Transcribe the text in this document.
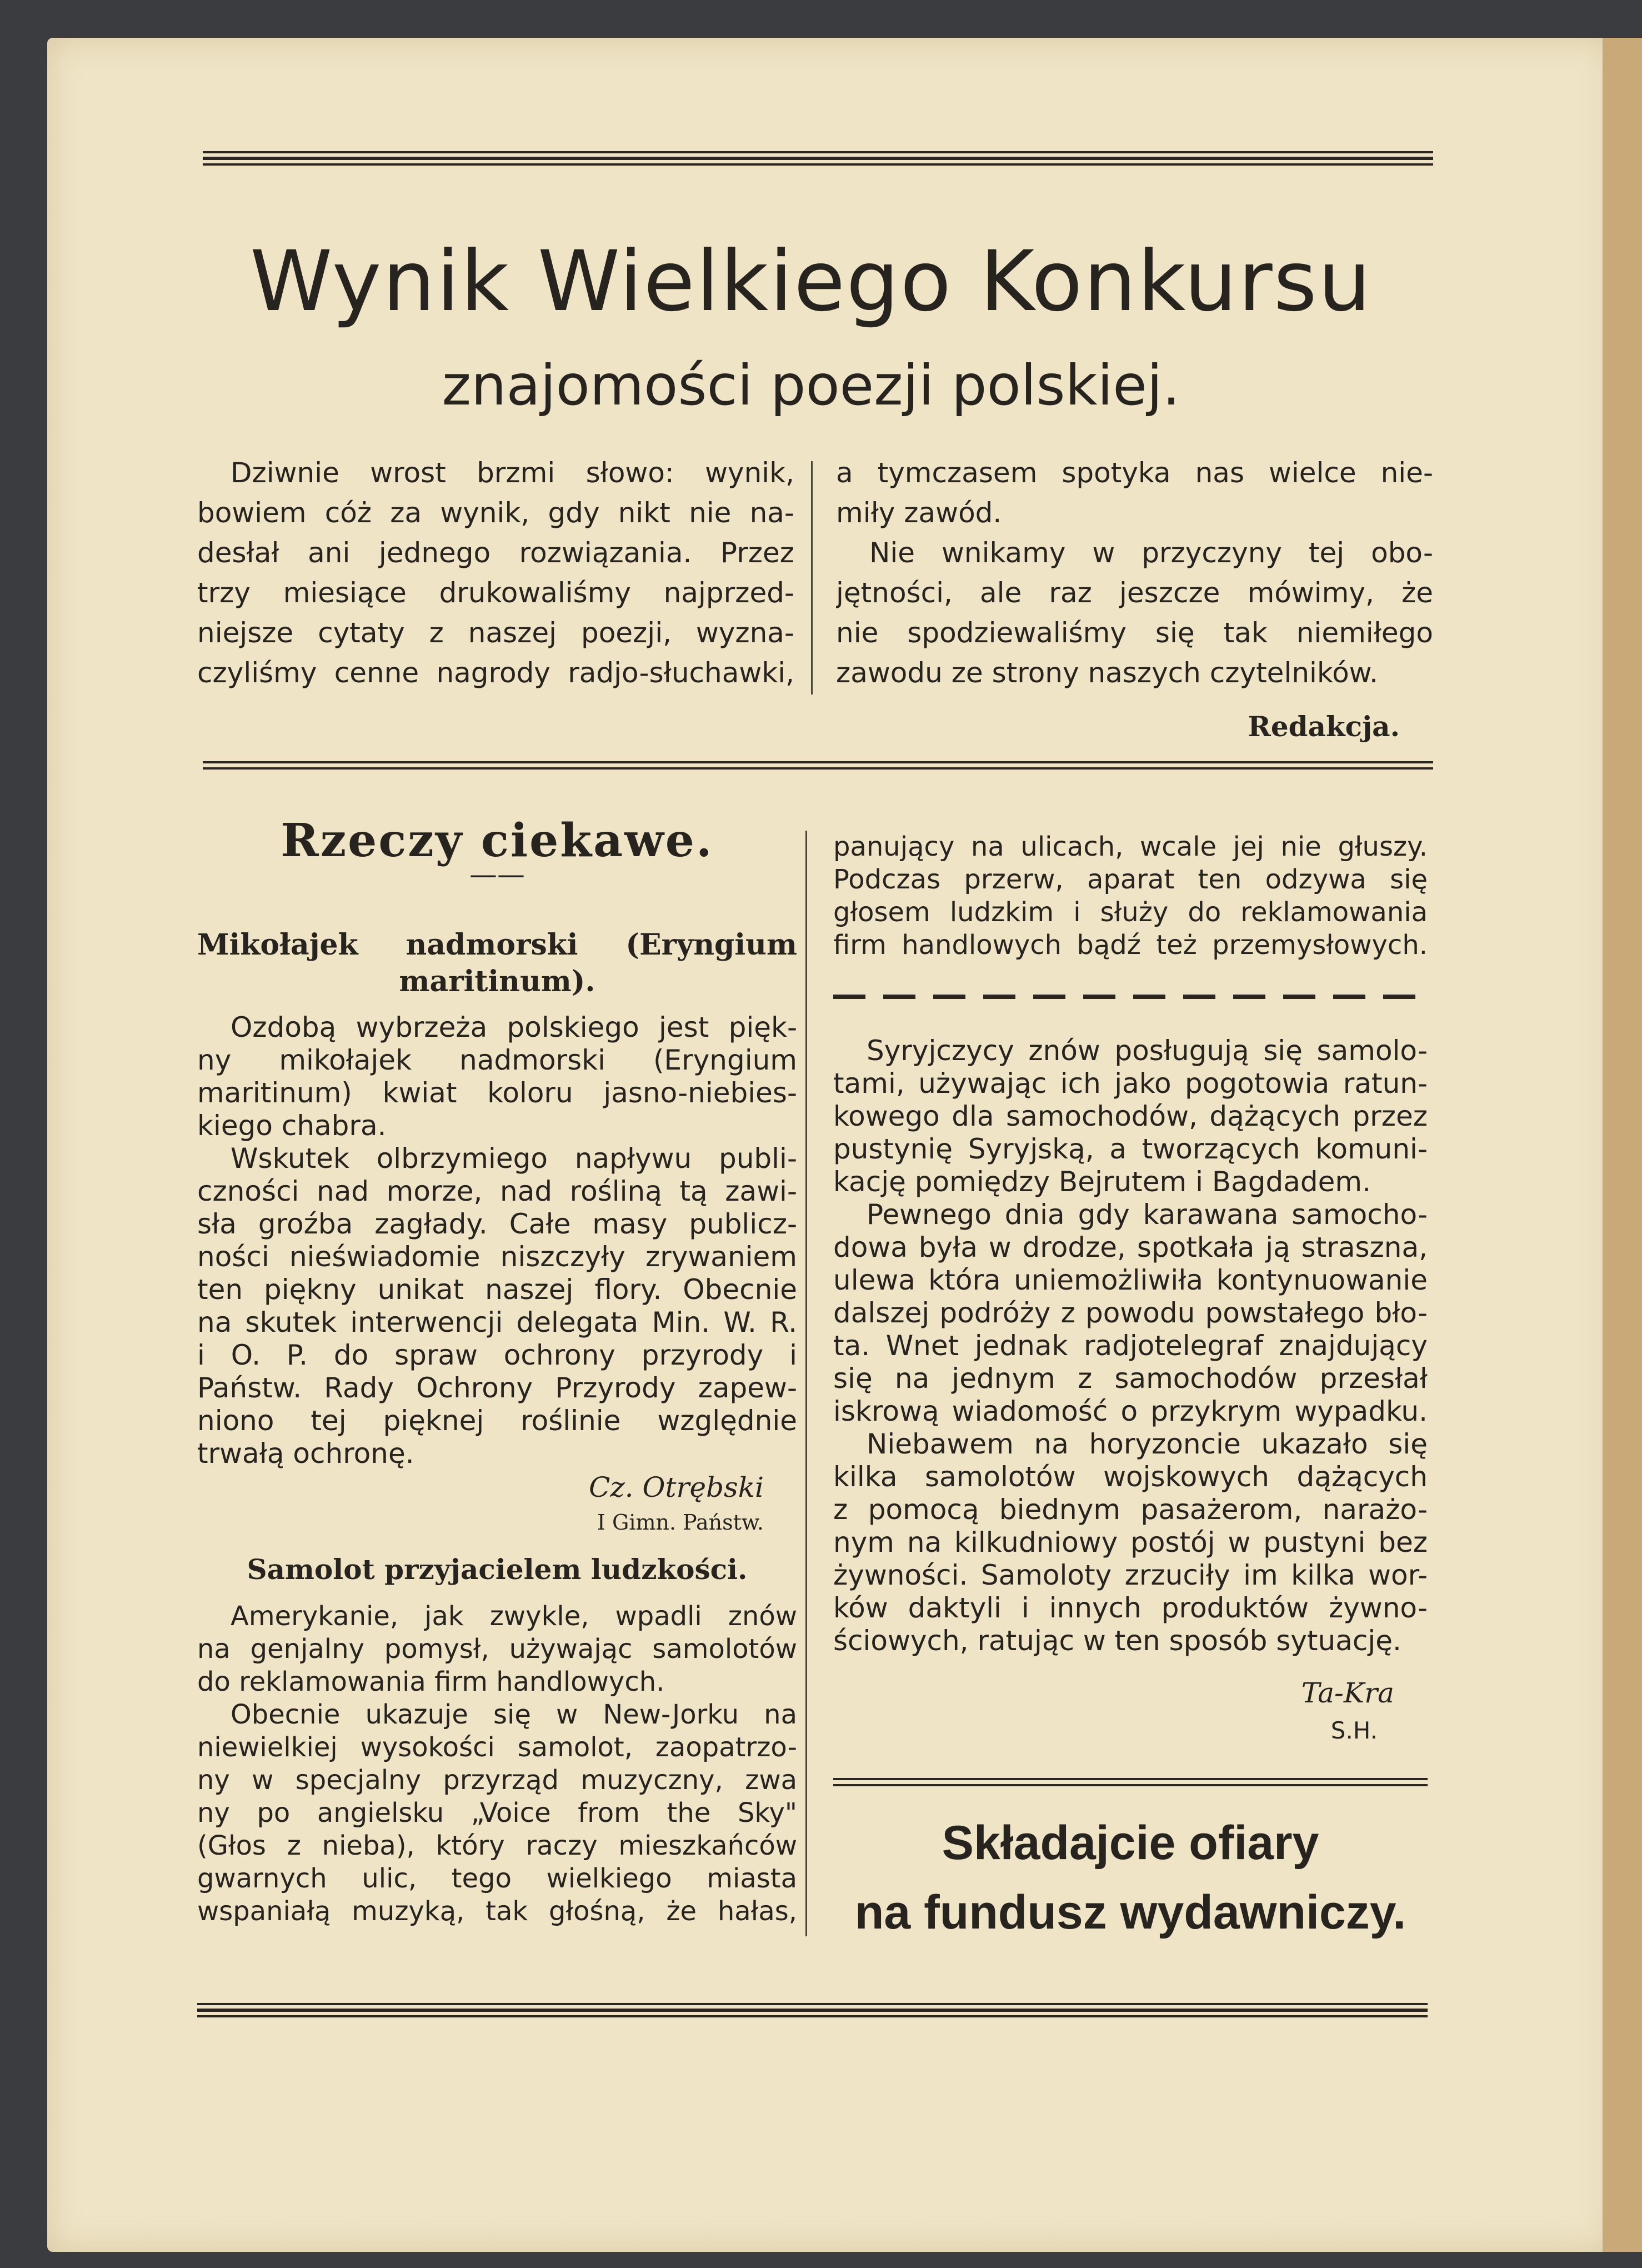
Wynik Wielkiego Konkursu
znajomości poezji polskiej.
Dziwnie wrost brzmi słowo: wynik,
bowiem cóż za wynik, gdy nikt nie na-
desłał ani jednego rozwiązania. Przez
trzy miesiące drukowaliśmy najprzed-
niejsze cytaty z naszej poezji, wyzna-
czyliśmy cenne nagrody radjo-słuchawki,
a tymczasem spotyka nas wielce nie-
miły zawód.
Nie wnikamy w przyczyny tej obo-
jętności, ale raz jeszcze mówimy, że
nie spodziewaliśmy się tak niemiłego
zawodu ze strony naszych czytelników.
Redakcja.
Rzeczy ciekawe.
——
Mikołajek nadmorski (Eryngium
maritinum).
Ozdobą wybrzeża polskiego jest pięk-
ny mikołajek nadmorski (Eryngium
maritinum) kwiat koloru jasno-niebies-
kiego chabra.
Wskutek olbrzymiego napływu publi-
czności nad morze, nad rośliną tą zawi-
sła groźba zagłady. Całe masy publicz-
ności nieświadomie niszczyły zrywaniem
ten piękny unikat naszej flory. Obecnie
na skutek interwencji delegata Min. W. R.
i O. P. do spraw ochrony przyrody i
Państw. Rady Ochrony Przyrody zapew-
niono tej pięknej roślinie względnie
trwałą ochronę.
Cz. Otrębski
I Gimn. Państw.
Samolot przyjacielem ludzkości.
Amerykanie, jak zwykle, wpadli znów
na genjalny pomysł, używając samolotów
do reklamowania firm handlowych.
Obecnie ukazuje się w New-Jorku na
niewielkiej wysokości samolot, zaopatrzo-
ny w specjalny przyrząd muzyczny, zwa
ny po angielsku „Voice from the Sky"
(Głos z nieba), który raczy mieszkańców
gwarnych ulic, tego wielkiego miasta
wspaniałą muzyką, tak głośną, że hałas,
panujący na ulicach, wcale jej nie głuszy.
Podczas przerw, aparat ten odzywa się
głosem ludzkim i służy do reklamowania
firm handlowych bądź też przemysłowych.
Syryjczycy znów posługują się samolo-
tami, używając ich jako pogotowia ratun-
kowego dla samochodów, dążących przez
pustynię Syryjską, a tworzących komuni-
kację pomiędzy Bejrutem i Bagdadem.
Pewnego dnia gdy karawana samocho-
dowa była w drodze, spotkała ją straszna,
ulewa która uniemożliwiła kontynuowanie
dalszej podróży z powodu powstałego bło-
ta. Wnet jednak radjotelegraf znajdujący
się na jednym z samochodów przesłał
iskrową wiadomość o przykrym wypadku.
Niebawem na horyzoncie ukazało się
kilka samolotów wojskowych dążących
z pomocą biednym pasażerom, narażo-
nym na kilkudniowy postój w pustyni bez
żywności. Samoloty zrzuciły im kilka wor-
ków daktyli i innych produktów żywno-
ściowych, ratując w ten sposób sytuację.
Ta-Kra
S.H.
Składajcie ofiary
na fundusz wydawniczy.
